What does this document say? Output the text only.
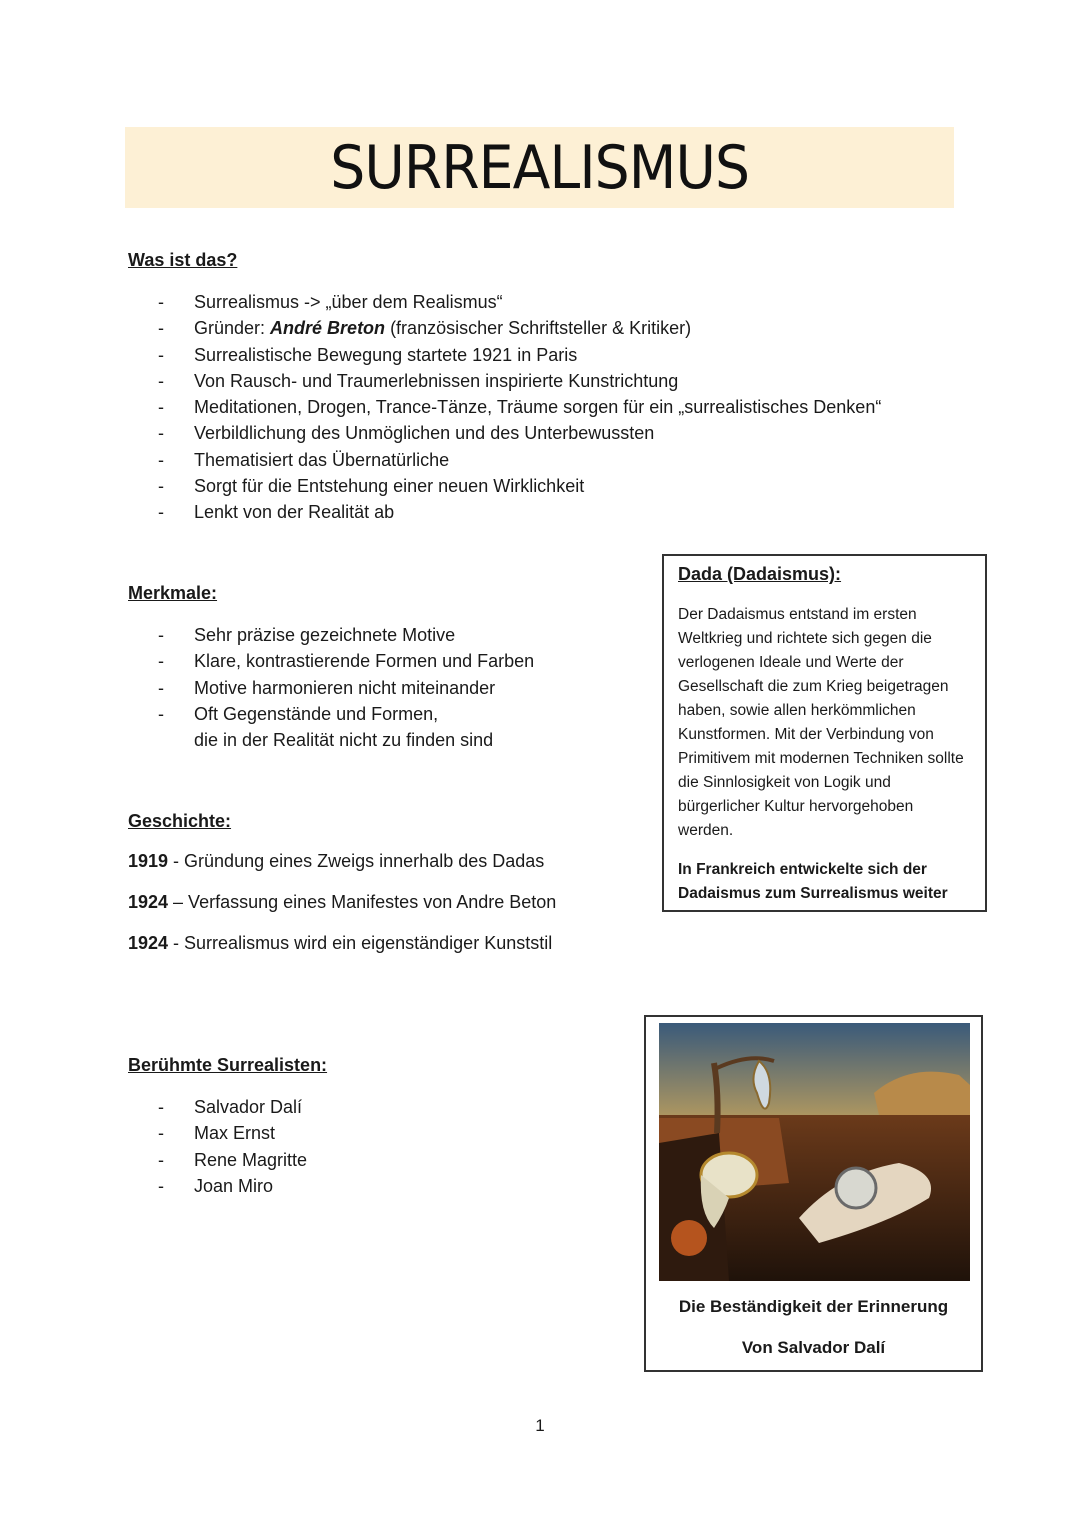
SURREALISMUS
Was ist das?
- Surrealismus -> „über dem Realismus“
- Gründer: André Breton (französischer Schriftsteller & Kritiker)
- Surrealistische Bewegung startete 1921 in Paris
- Von Rausch- und Traumerlebnissen inspirierte Kunstrichtung
- Meditationen, Drogen, Trance-Tänze, Träume sorgen für ein „surrealistisches Denken“
- Verbildlichung des Unmöglichen und des Unterbewussten
- Thematisiert das Übernatürliche
- Sorgt für die Entstehung einer neuen Wirklichkeit
- Lenkt von der Realität ab
Merkmale:
- Sehr präzise gezeichnete Motive
- Klare, kontrastierende Formen und Farben
- Motive harmonieren nicht miteinander
- Oft Gegenstände und Formen,
die in der Realität nicht zu finden sind
Geschichte:
1919 - Gründung eines Zweigs innerhalb des Dadas
1924 – Verfassung eines Manifestes von Andre Beton
1924 - Surrealismus wird ein eigenständiger Kunststil
Berühmte Surrealisten:
- Salvador Dalí
- Max Ernst
- Rene Magritte
- Joan Miro
Dada (Dadaismus):

Der Dadaismus entstand im ersten Weltkrieg und richtete sich gegen die verlogenen Ideale und Werte der Gesellschaft die zum Krieg beigetragen haben, sowie allen herkömmlichen Kunstformen. Mit der Verbindung von Primitivem mit modernen Techniken sollte die Sinnlosigkeit von Logik und bürgerlicher Kultur hervorgehoben werden.

In Frankreich entwickelte sich der Dadaismus zum Surrealismus weiter

Die Beständigkeit der Erinnerung
Von Salvador Dalí
1
